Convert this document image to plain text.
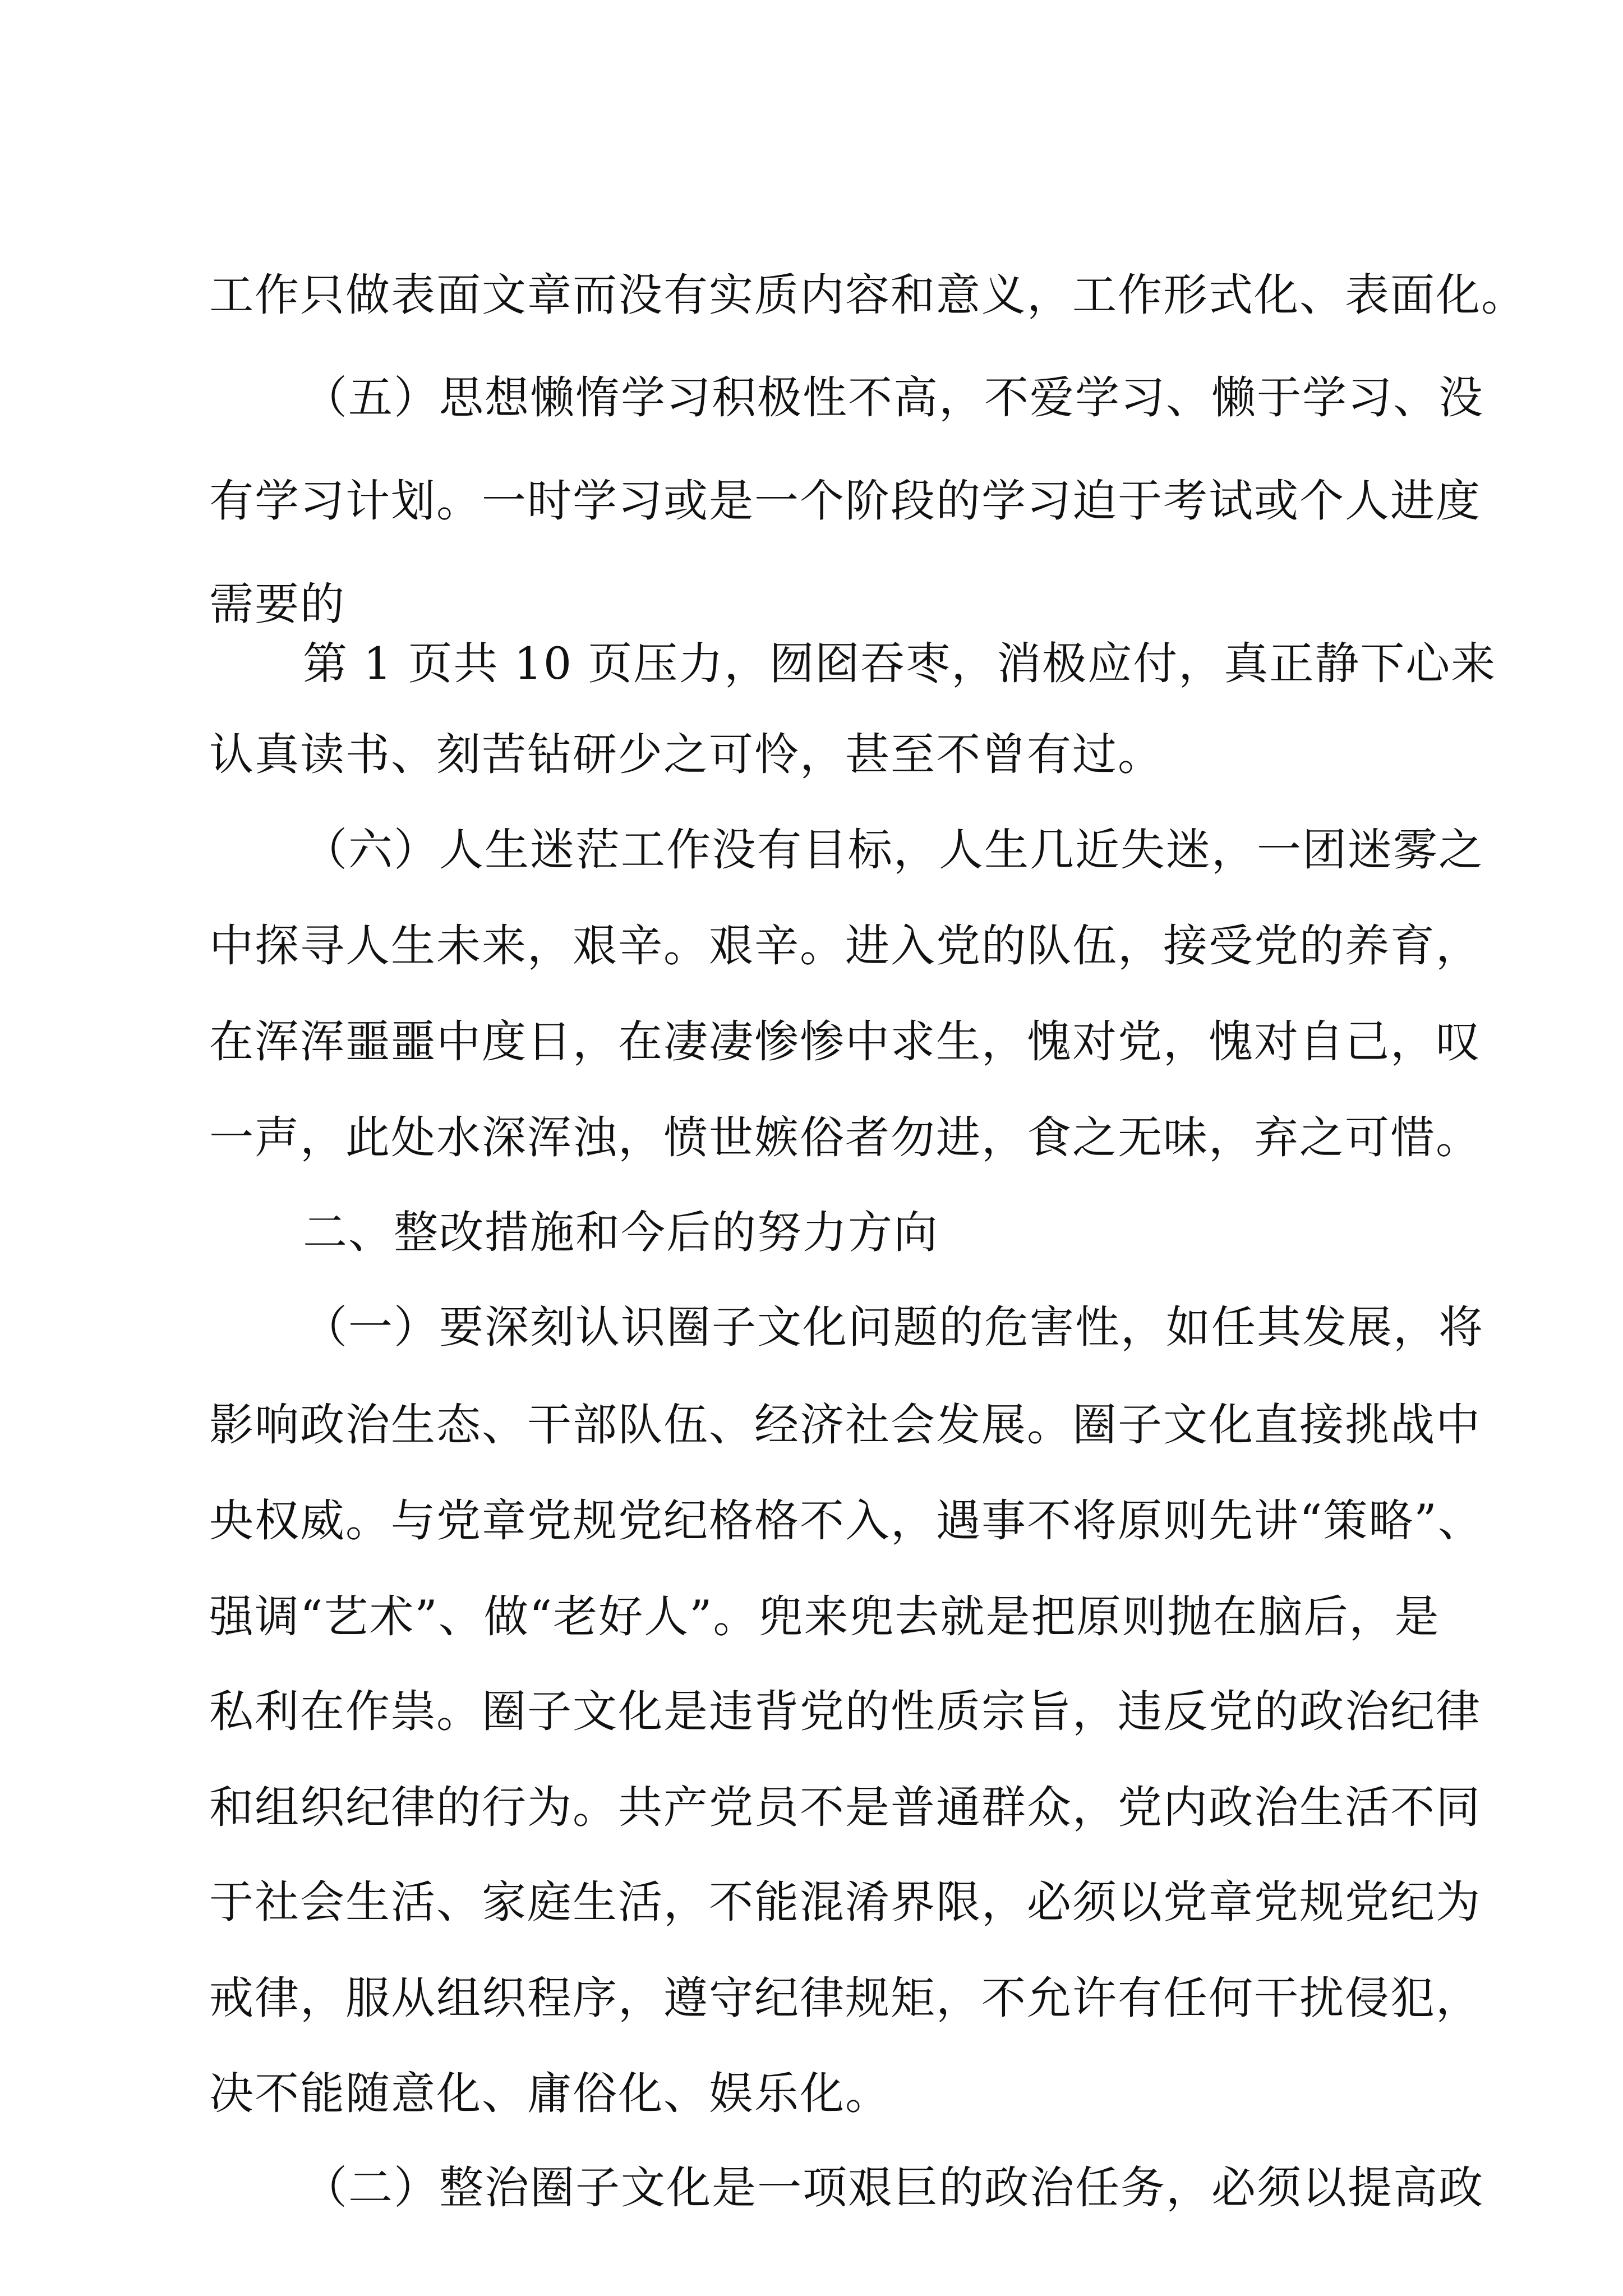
工作只做表面文章而没有实质内容和意义，工作形式化、表面化。
（五）思想懒惰学习积极性不高，不爱学习、懒于学习、没
有学习计划。一时学习或是一个阶段的学习迫于考试或个人进度
需要的
第 1 页共 10 页压力，囫囵吞枣，消极应付，真正静下心来
认真读书、刻苦钻研少之可怜，甚至不曾有过。
（六）人生迷茫工作没有目标，人生几近失迷，一团迷雾之
中探寻人生未来，艰辛。艰辛。进入党的队伍，接受党的养育，
在浑浑噩噩中度日，在凄凄惨惨中求生，愧对党，愧对自己，叹
一声，此处水深浑浊，愤世嫉俗者勿进，食之无味，弃之可惜。
二、整改措施和今后的努力方向
（一）要深刻认识圈子文化问题的危害性，如任其发展，将
影响政治生态、干部队伍、经济社会发展。圈子文化直接挑战中
央权威。与党章党规党纪格格不入，遇事不将原则先讲“策略”、
强调“艺术”、做“老好人”。兜来兜去就是把原则抛在脑后，是
私利在作祟。圈子文化是违背党的性质宗旨，违反党的政治纪律
和组织纪律的行为。共产党员不是普通群众，党内政治生活不同
于社会生活、家庭生活，不能混淆界限，必须以党章党规党纪为
戒律，服从组织程序，遵守纪律规矩，不允许有任何干扰侵犯，
决不能随意化、庸俗化、娱乐化。
（二）整治圈子文化是一项艰巨的政治任务，必须以提高政
